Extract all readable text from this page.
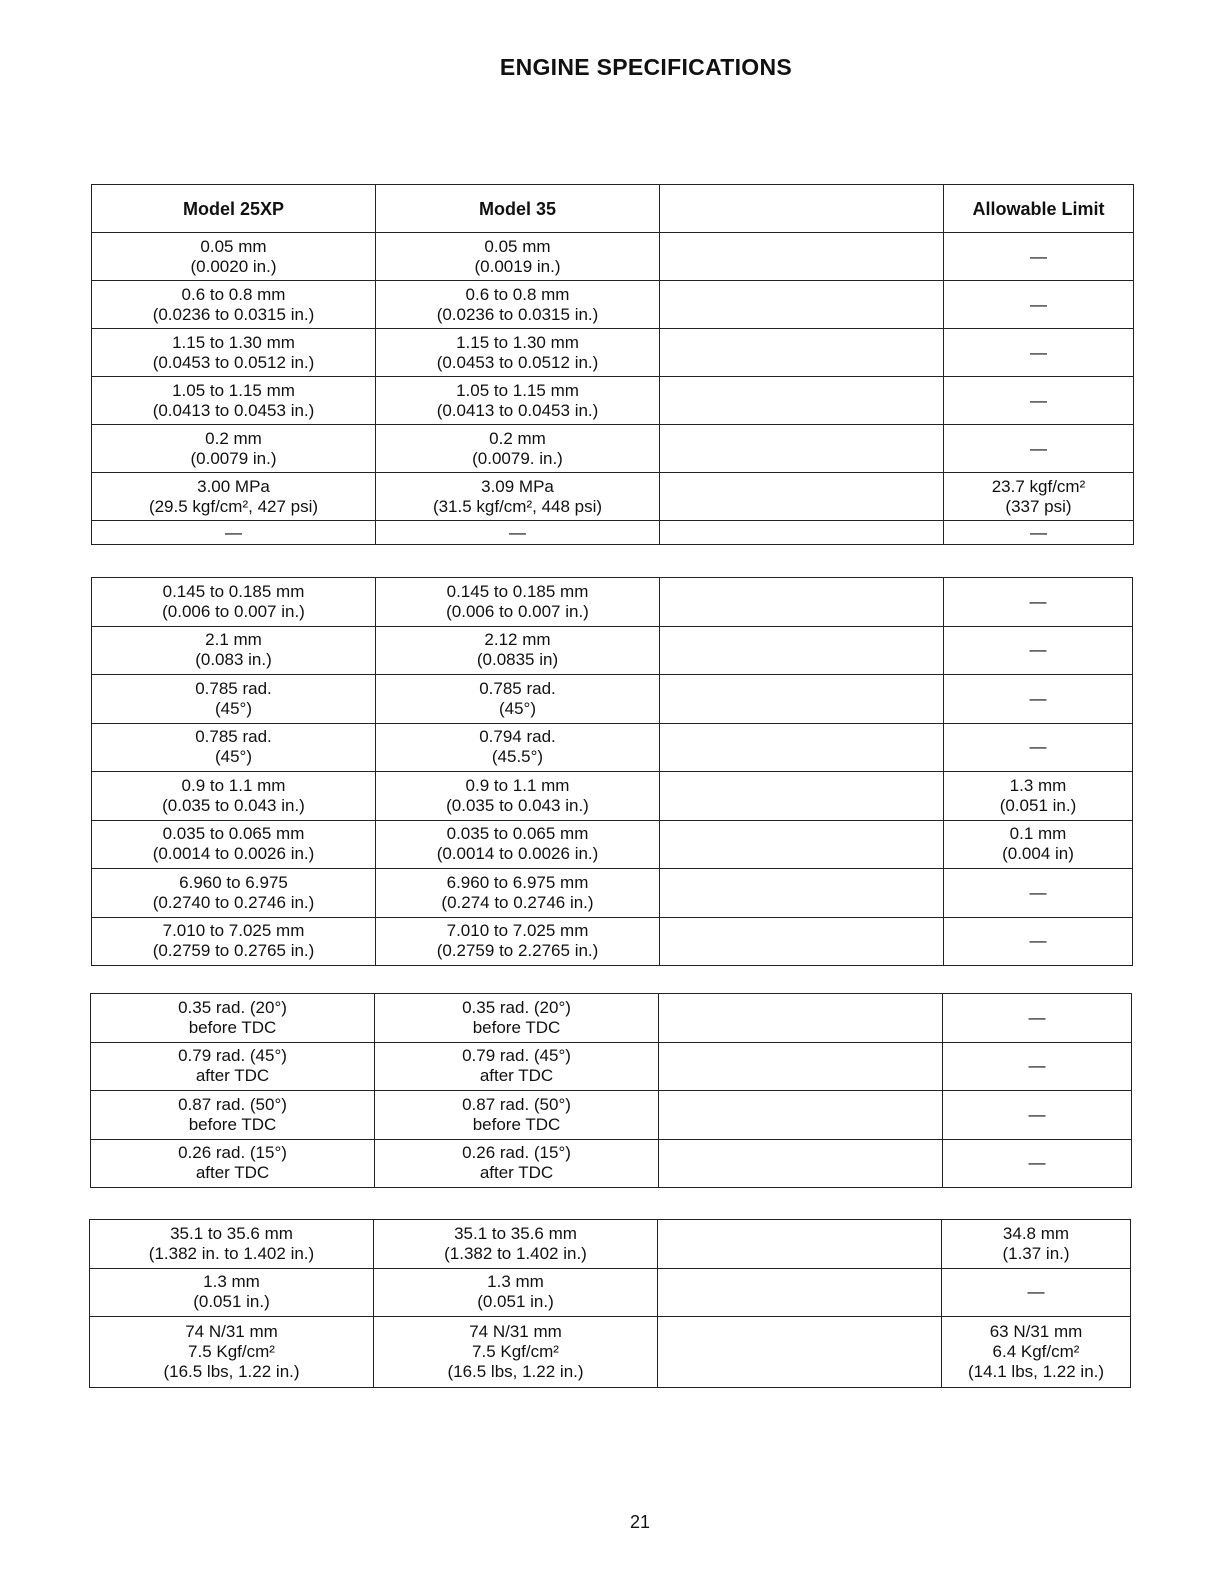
ENGINE SPECIFICATIONS
Model 25XP	Model 35		Allowable Limit

0.05 mm
(0.0020 in.)	0.05 mm
(0.0019 in.)		—

0.6 to 0.8 mm
(0.0236 to 0.0315 in.)	0.6 to 0.8 mm
(0.0236 to 0.0315 in.)		—

1.15 to 1.30 mm
(0.0453 to 0.0512 in.)	1.15 to 1.30 mm
(0.0453 to 0.0512 in.)		—

1.05 to 1.15 mm
(0.0413 to 0.0453 in.)	1.05 to 1.15 mm
(0.0413 to 0.0453 in.)		—

0.2 mm
(0.0079 in.)	0.2 mm
(0.0079. in.)		—

3.00 MPa
(29.5 kgf/cm², 427 psi)	3.09 MPa
(31.5 kgf/cm², 448 psi)		23.7 kgf/cm²
(337 psi)

—	—		—
0.145 to 0.185 mm
(0.006 to 0.007 in.)	0.145 to 0.185 mm
(0.006 to 0.007 in.)		—

2.1 mm
(0.083 in.)	2.12 mm
(0.0835 in)		—

0.785 rad.
(45°)	0.785 rad.
(45°)		—

0.785 rad.
(45°)	0.794 rad.
(45.5°)		—

0.9 to 1.1 mm
(0.035 to 0.043 in.)	0.9 to 1.1 mm
(0.035 to 0.043 in.)		1.3 mm
(0.051 in.)

0.035 to 0.065 mm
(0.0014 to 0.0026 in.)	0.035 to 0.065 mm
(0.0014 to 0.0026 in.)		0.1 mm
(0.004 in)

6.960 to 6.975
(0.2740 to 0.2746 in.)	6.960 to 6.975 mm
(0.274 to 0.2746 in.)		—

7.010 to 7.025 mm
(0.2759 to 0.2765 in.)	7.010 to 7.025 mm
(0.2759 to 2.2765 in.)		—
0.35 rad. (20°)
before TDC	0.35 rad. (20°)
before TDC		—

0.79 rad. (45°)
after TDC	0.79 rad. (45°)
after TDC		—

0.87 rad. (50°)
before TDC	0.87 rad. (50°)
before TDC		—

0.26 rad. (15°)
after TDC	0.26 rad. (15°)
after TDC		—
35.1 to 35.6 mm
(1.382 in. to 1.402 in.)	35.1 to 35.6 mm
(1.382 to 1.402 in.)		34.8 mm
(1.37 in.)

1.3 mm
(0.051 in.)	1.3 mm
(0.051 in.)		—

74 N/31 mm
7.5 Kgf/cm²
(16.5 lbs, 1.22 in.)	74 N/31 mm
7.5 Kgf/cm²
(16.5 lbs, 1.22 in.)		63 N/31 mm
6.4 Kgf/cm²
(14.1 lbs, 1.22 in.)
21
